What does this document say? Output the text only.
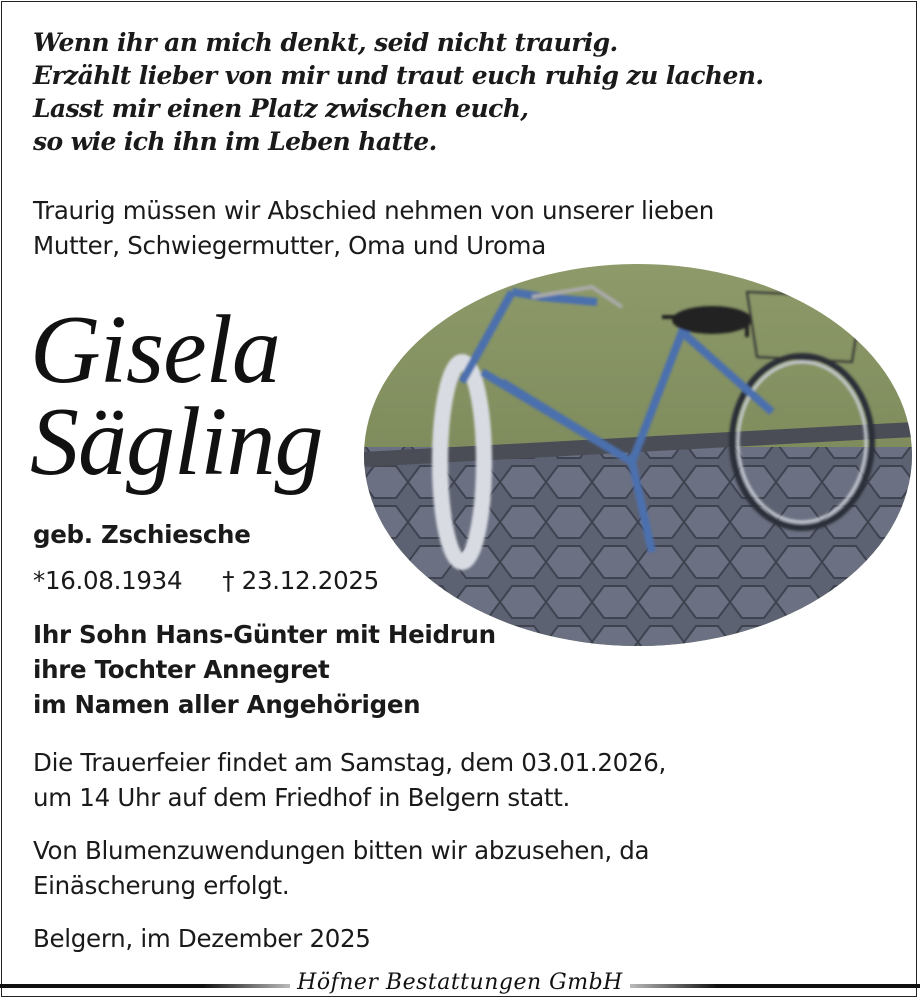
Wenn ihr an mich denkt, seid nicht traurig.
Erzählt lieber von mir und traut euch ruhig zu lachen.
Lasst mir einen Platz zwischen euch,
so wie ich ihn im Leben hatte.
Traurig müssen wir Abschied nehmen von unserer lieben
Mutter, Schwiegermutter, Oma und Uroma
Gisela
Sägling
geb. Zschiesche
*16.08.1934 † 23.12.2025
Ihr Sohn Hans-Günter mit Heidrun
ihre Tochter Annegret
im Namen aller Angehörigen
Die Trauerfeier findet am Samstag, dem 03.01.2026,
um 14 Uhr auf dem Friedhof in Belgern statt.
Von Blumenzuwendungen bitten wir abzusehen, da
Einäscherung erfolgt.
Belgern, im Dezember 2025
Höfner Bestattungen GmbH
